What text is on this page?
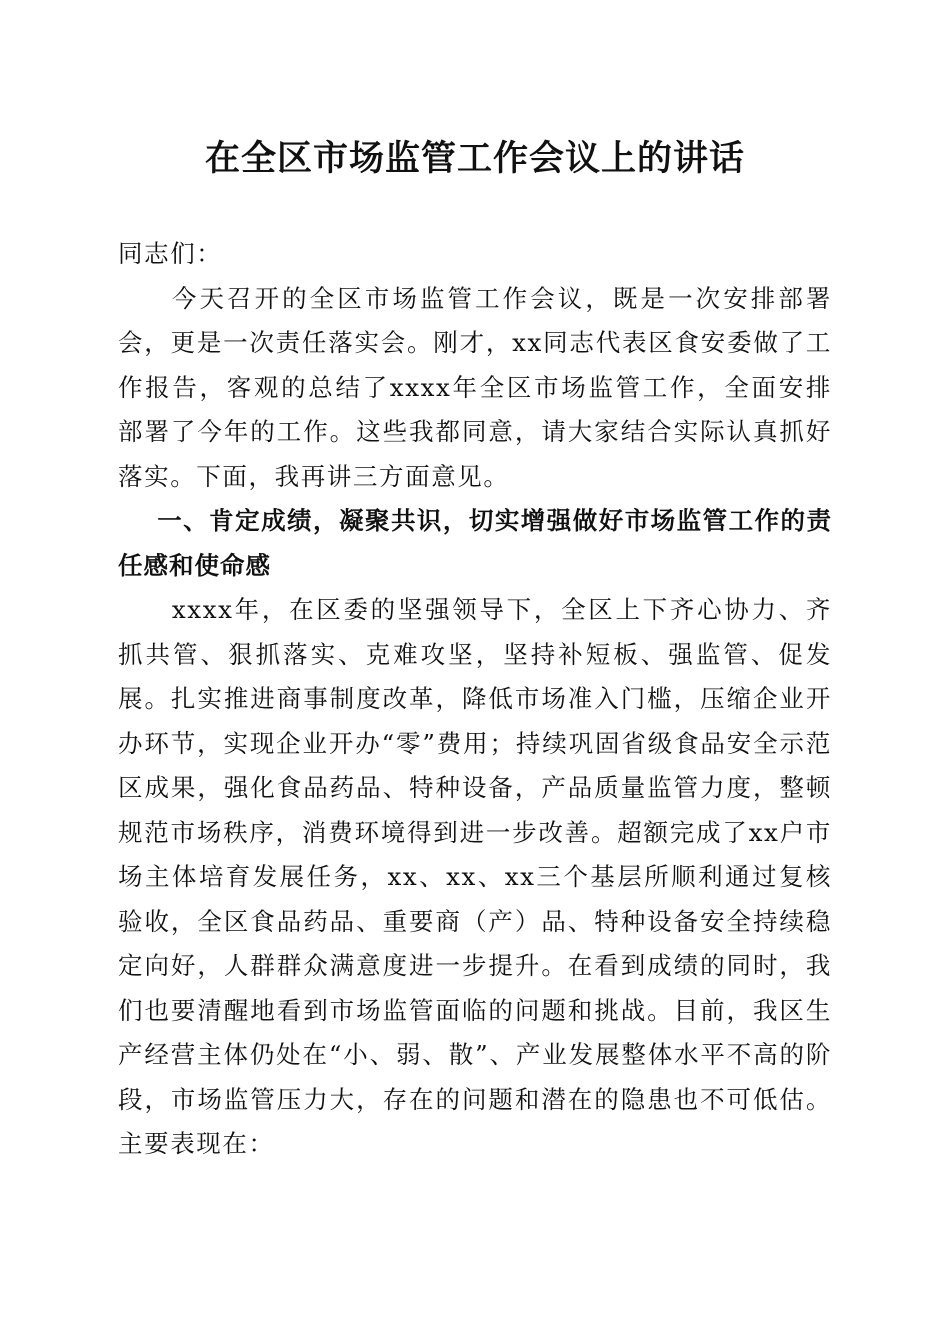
在全区市场监管工作会议上的讲话

同志们：

今天召开的全区市场监管工作会议，既是一次安排部署会，更是一次责任落实会。刚才，xx同志代表区食安委做了工作报告，客观的总结了xxxx年全区市场监管工作，全面安排部署了今年的工作。这些我都同意，请大家结合实际认真抓好落实。下面，我再讲三方面意见。

一、肯定成绩，凝聚共识，切实增强做好市场监管工作的责任感和使命感

xxxx年，在区委的坚强领导下，全区上下齐心协力、齐抓共管、狠抓落实、克难攻坚，坚持补短板、强监管、促发展。扎实推进商事制度改革，降低市场准入门槛，压缩企业开办环节，实现企业开办“零”费用；持续巩固省级食品安全示范区成果，强化食品药品、特种设备，产品质量监管力度，整顿规范市场秩序，消费环境得到进一步改善。超额完成了xx户市场主体培育发展任务，xx、xx、xx三个基层所顺利通过复核验收，全区食品药品、重要商（产）品、特种设备安全持续稳定向好，人群群众满意度进一步提升。在看到成绩的同时，我们也要清醒地看到市场监管面临的问题和挑战。目前，我区生产经营主体仍处在“小、弱、散”、产业发展整体水平不高的阶段，市场监管压力大，存在的问题和潜在的隐患也不可低估。主要表现在：
